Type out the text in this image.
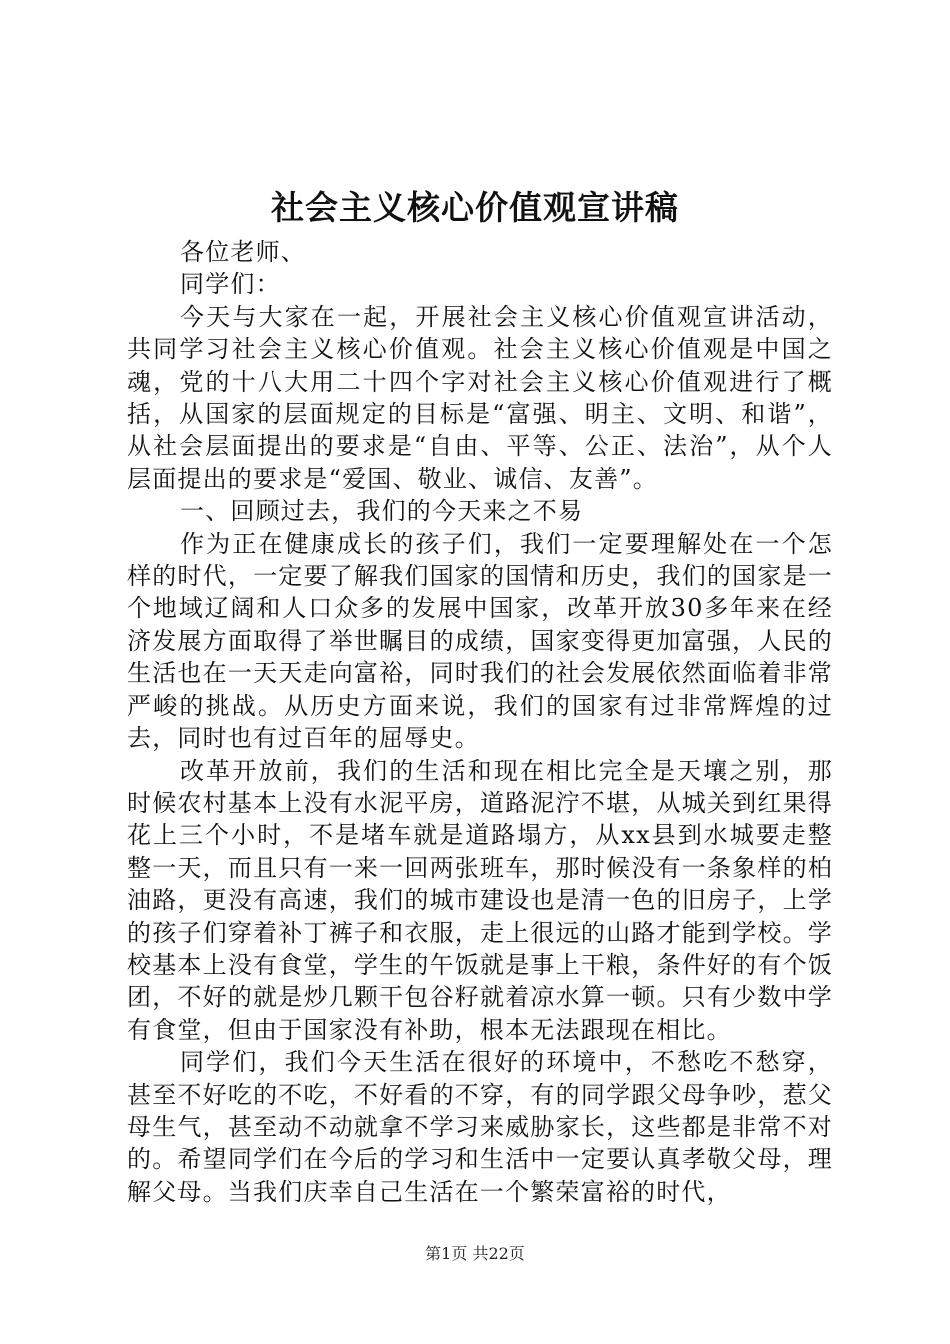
社会主义核心价值观宣讲稿

各位老师、

同学们：

今天与大家在一起，开展社会主义核心价值观宣讲活动，共同学习社会主义核心价值观。社会主义核心价值观是中国之魂，党的十八大用二十四个字对社会主义核心价值观进行了概括，从国家的层面规定的目标是“富强、明主、文明、和谐”，从社会层面提出的要求是“自由、平等、公正、法治”，从个人层面提出的要求是“爱国、敬业、诚信、友善”。

一、回顾过去，我们的今天来之不易

作为正在健康成长的孩子们，我们一定要理解处在一个怎样的时代，一定要了解我们国家的国情和历史，我们的国家是一个地域辽阔和人口众多的发展中国家，改革开放30多年来在经济发展方面取得了举世瞩目的成绩，国家变得更加富强，人民的生活也在一天天走向富裕，同时我们的社会发展依然面临着非常严峻的挑战。从历史方面来说，我们的国家有过非常辉煌的过去，同时也有过百年的屈辱史。

改革开放前，我们的生活和现在相比完全是天壤之别，那时候农村基本上没有水泥平房，道路泥泞不堪，从城关到红果得花上三个小时，不是堵车就是道路塌方，从xx县到水城要走整整一天，而且只有一来一回两张班车，那时候没有一条象样的柏油路，更没有高速，我们的城市建设也是清一色的旧房子，上学的孩子们穿着补丁裤子和衣服，走上很远的山路才能到学校。学校基本上没有食堂，学生的午饭就是事上干粮，条件好的有个饭团，不好的就是炒几颗干包谷籽就着凉水算一顿。只有少数中学有食堂，但由于国家没有补助，根本无法跟现在相比。

同学们，我们今天生活在很好的环境中，不愁吃不愁穿，甚至不好吃的不吃，不好看的不穿，有的同学跟父母争吵，惹父母生气，甚至动不动就拿不学习来威胁家长，这些都是非常不对的。希望同学们在今后的学习和生活中一定要认真孝敬父母，理解父母。当我们庆幸自己生活在一个繁荣富裕的时代，

第1页 共22页
